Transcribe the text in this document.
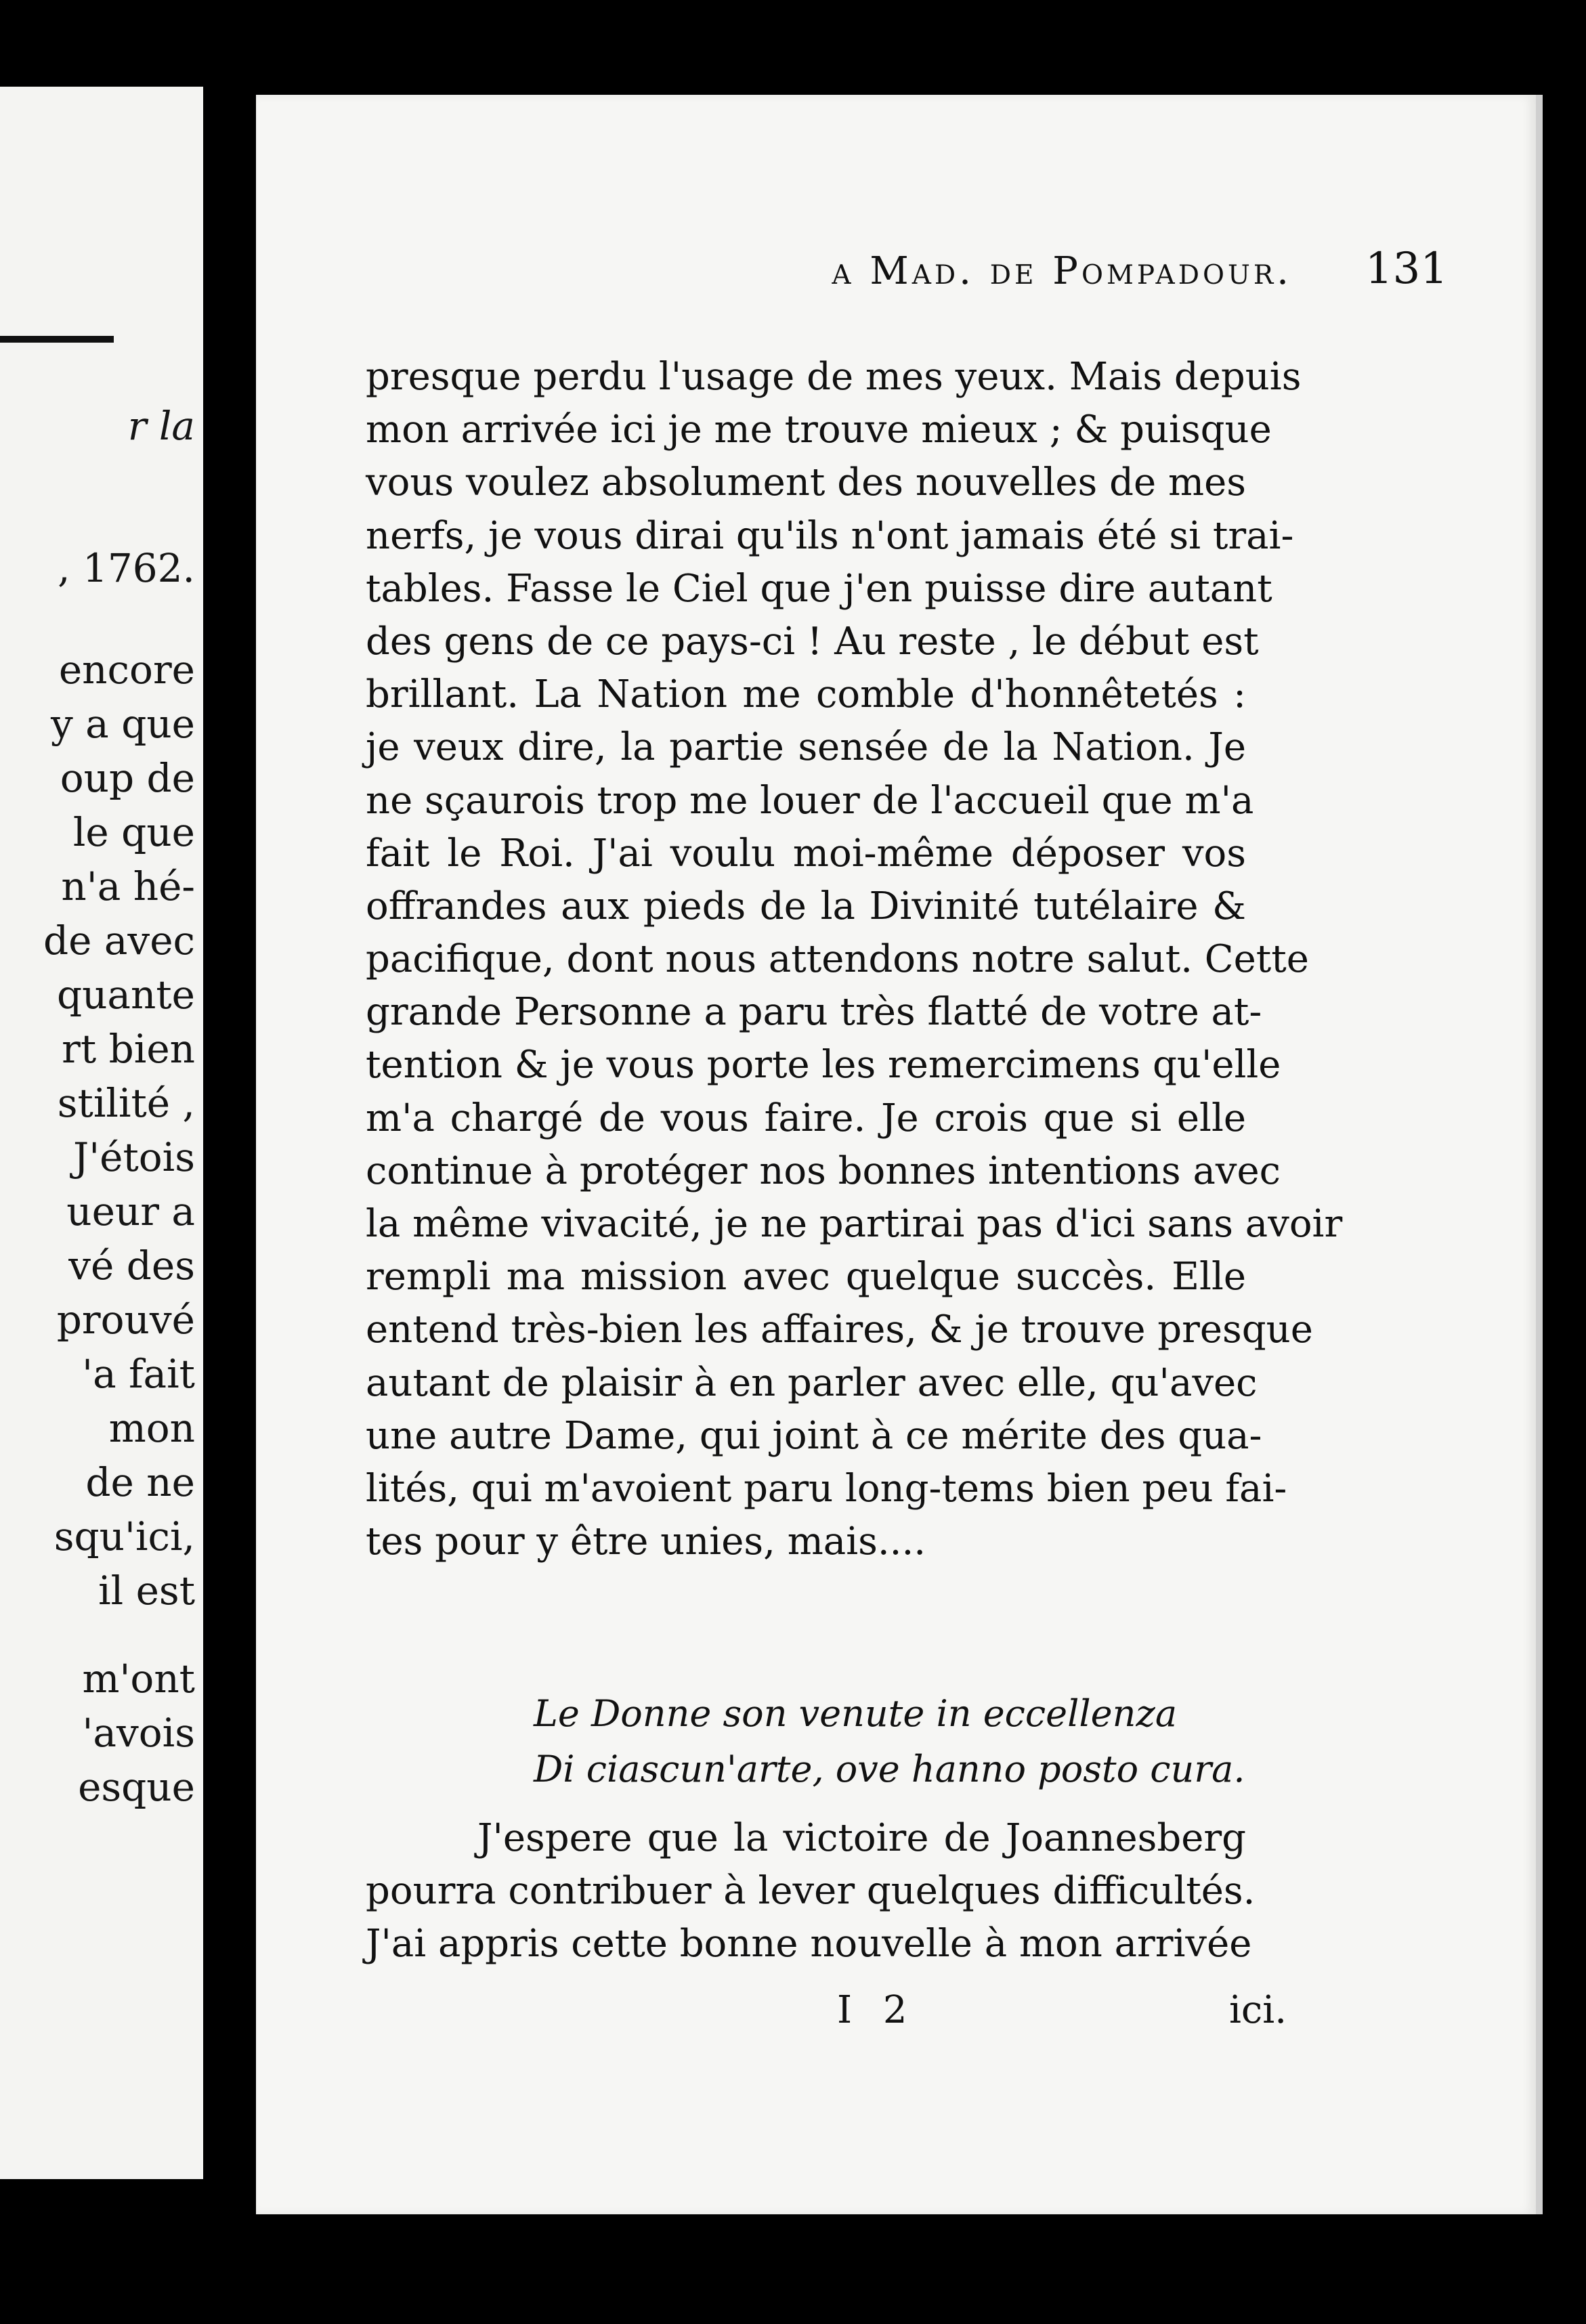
r la
, 1762.
encore
y a que
oup de
le que
n'a hé-
de avec
quante
rt bien
stilité ,
J'étois
ueur a
vé des
prouvé
'a fait
mon
de ne
squ'ici,
il est
m'ont
'avois
esque
a Mad. de Pompadour.	131
presque perdu l'usage de mes yeux. Mais depuis
mon arrivée ici je me trouve mieux ; & puisque
vous voulez absolument des nouvelles de mes
nerfs, je vous dirai qu'ils n'ont jamais été si trai-
tables. Fasse le Ciel que j'en puisse dire autant
des gens de ce pays-ci ! Au reste , le début est
brillant. La Nation me comble d'honnêtetés :
je veux dire, la partie sensée de la Nation. Je
ne sçaurois trop me louer de l'accueil que m'a
fait le Roi. J'ai voulu moi-même déposer vos
offrandes aux pieds de la Divinité tutélaire &
pacifique, dont nous attendons notre salut. Cette
grande Personne a paru très flatté de votre at-
tention & je vous porte les remercimens qu'elle
m'a chargé de vous faire. Je crois que si elle
continue à protéger nos bonnes intentions avec
la même vivacité, je ne partirai pas d'ici sans avoir
rempli ma mission avec quelque succès. Elle
entend très-bien les affaires, & je trouve presque
autant de plaisir à en parler avec elle, qu'avec
une autre Dame, qui joint à ce mérite des qua-
lités, qui m'avoient paru long-tems bien peu fai-
tes pour y être unies, mais....
Le Donne son venute in eccellenza
Di ciascun'arte, ove hanno posto cura.
J'espere que la victoire de Joannesberg
pourra contribuer à lever quelques difficultés.
J'ai appris cette bonne nouvelle à mon arrivée
I 2	ici.
